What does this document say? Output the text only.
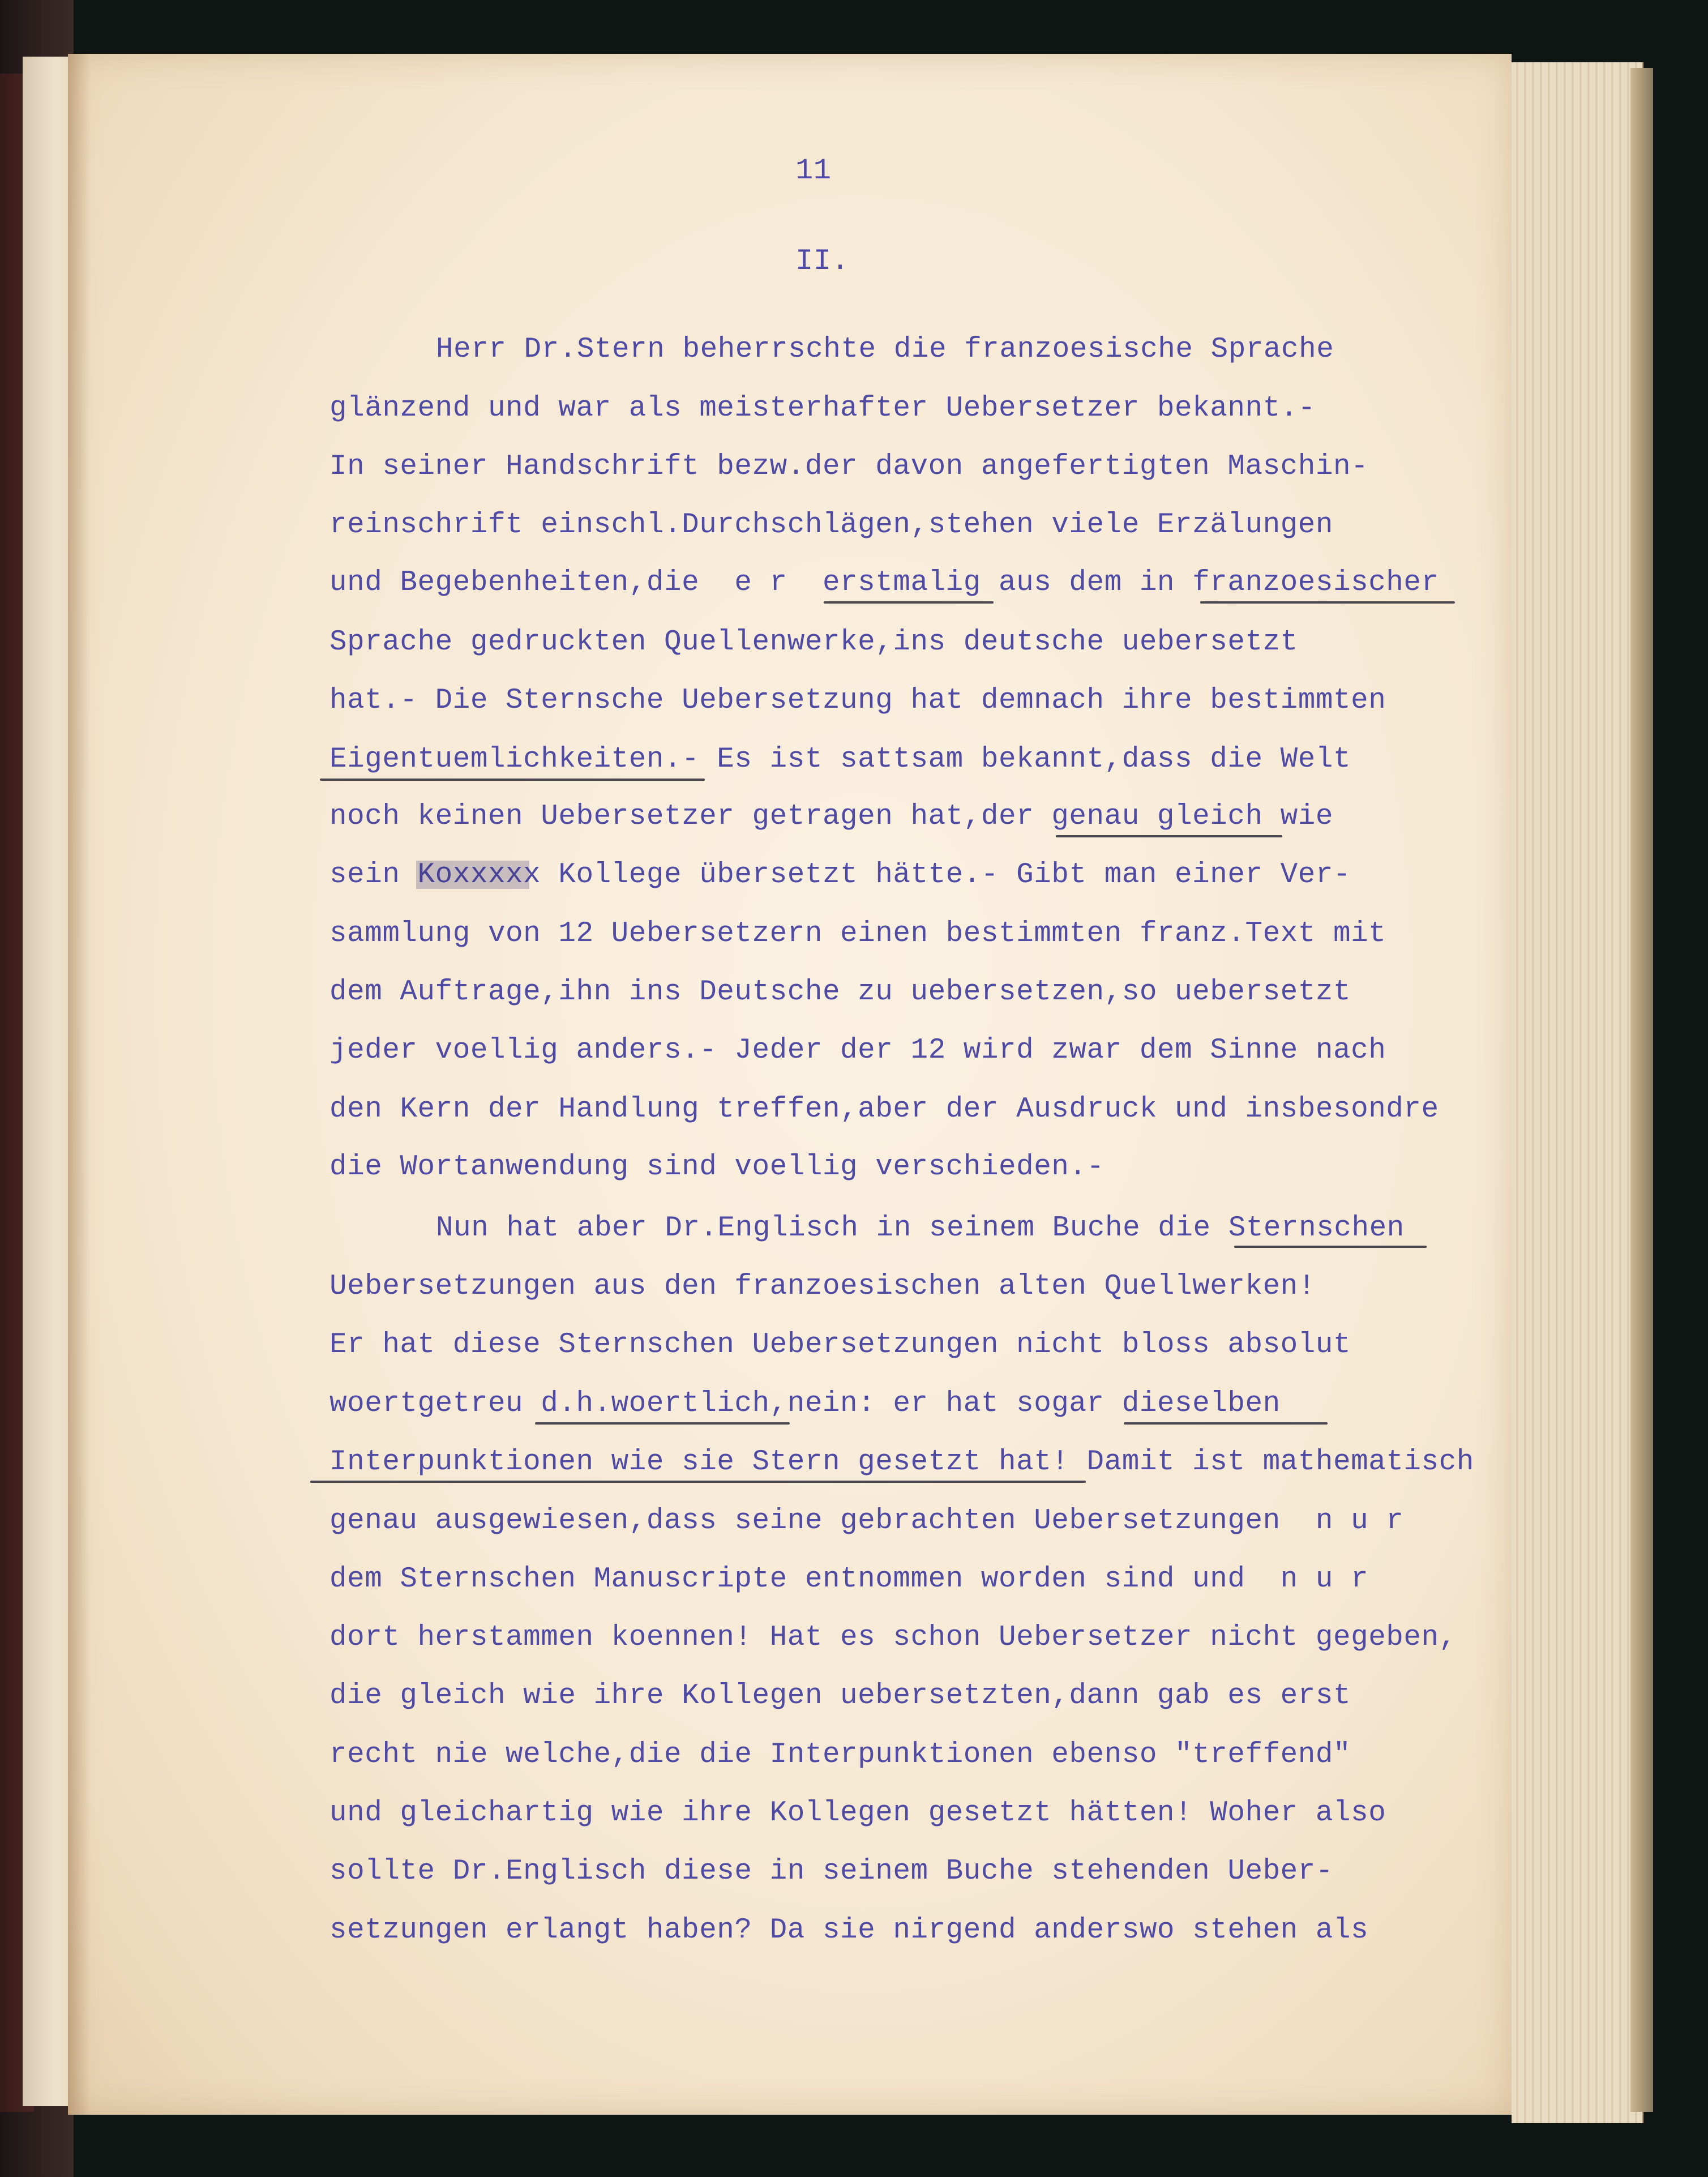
11
II.
Herr Dr.Stern beherrschte die franzoesische Sprache
glänzend und war als meisterhafter Uebersetzer bekannt.-
In seiner Handschrift bezw.der davon angefertigten Maschin-
reinschrift einschl.Durchschlägen,stehen viele Erzälungen
und Begebenheiten,die  e r  erstmalig aus dem in franzoesischer
Sprache gedruckten Quellenwerke,ins deutsche uebersetzt
hat.- Die Sternsche Uebersetzung hat demnach ihre bestimmten
Eigentuemlichkeiten.- Es ist sattsam bekannt,dass die Welt
noch keinen Uebersetzer getragen hat,der genau gleich wie
sein Koxxxxx Kollege übersetzt hätte.- Gibt man einer Ver-
sammlung von 12 Uebersetzern einen bestimmten franz.Text mit
dem Auftrage,ihn ins Deutsche zu uebersetzen,so uebersetzt
jeder voellig anders.- Jeder der 12 wird zwar dem Sinne nach
den Kern der Handlung treffen,aber der Ausdruck und insbesondre
die Wortanwendung sind voellig verschieden.-
Nun hat aber Dr.Englisch in seinem Buche die Sternschen
Uebersetzungen aus den franzoesischen alten Quellwerken!
Er hat diese Sternschen Uebersetzungen nicht bloss absolut
woertgetreu d.h.woertlich,nein: er hat sogar dieselben
Interpunktionen wie sie Stern gesetzt hat! Damit ist mathematisch
genau ausgewiesen,dass seine gebrachten Uebersetzungen  n u r
dem Sternschen Manuscripte entnommen worden sind und  n u r
dort herstammen koennen! Hat es schon Uebersetzer nicht gegeben,
die gleich wie ihre Kollegen uebersetzten,dann gab es erst
recht nie welche,die die Interpunktionen ebenso "treffend"
und gleichartig wie ihre Kollegen gesetzt hätten! Woher also
sollte Dr.Englisch diese in seinem Buche stehenden Ueber-
setzungen erlangt haben? Da sie nirgend anderswo stehen als
